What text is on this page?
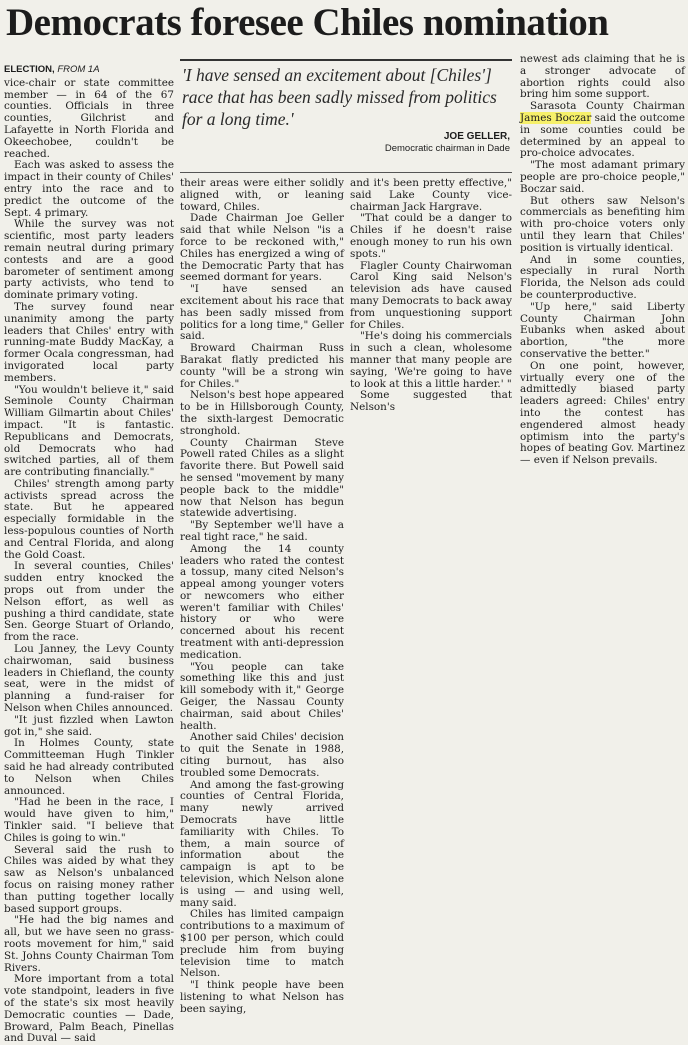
Democrats foresee Chiles nomination
'I have sensed an excitement about [Chiles'] race that has been sadly missed from politics for a long time.'
JOE GELLER,
Democratic chairman in Dade
ELECTION, FROM 1A

vice-chair or state committee member — in 64 of the 67 counties. Officials in three counties, Gilchrist and Lafayette in North Florida and Okeechobee, couldn't be reached.

Each was asked to assess the impact in their county of Chiles' entry into the race and to predict the outcome of the Sept. 4 primary.

While the survey was not scientific, most party leaders remain neutral during primary contests and are a good barometer of sentiment among party activists, who tend to dominate primary voting.

The survey found near unanimity among the party leaders that Chiles' entry with running-mate Buddy MacKay, a former Ocala congressman, had invigorated local party members.

"You wouldn't believe it," said Seminole County Chairman William Gilmartin about Chiles' impact. "It is fantastic. Republicans and Democrats, old Democrats who had switched parties, all of them are contributing financially."

Chiles' strength among party activists spread across the state. But he appeared especially formidable in the less-populous counties of North and Central Florida, and along the Gold Coast.

In several counties, Chiles' sudden entry knocked the props out from under the Nelson effort, as well as pushing a third candidate, state Sen. George Stuart of Orlando, from the race.

Lou Janney, the Levy County chairwoman, said business leaders in Chiefland, the county seat, were in the midst of planning a fund-raiser for Nelson when Chiles announced.

"It just fizzled when Lawton got in," she said.

In Holmes County, state Committeeman Hugh Tinkler said he had already contributed to Nelson when Chiles announced.

"Had he been in the race, I would have given to him," Tinkler said. "I believe that Chiles is going to win."

Several said the rush to Chiles was aided by what they saw as Nelson's unbalanced focus on raising money rather than putting together locally based support groups.

"He had the big names and all, but we have seen no grass-roots movement for him," said St. Johns County Chairman Tom Rivers.

More important from a total vote standpoint, leaders in five of the state's six most heavily Democratic counties — Dade, Broward, Palm Beach, Pinellas and Duval — said

their areas were either solidly aligned with, or leaning toward, Chiles.

Dade Chairman Joe Geller said that while Nelson "is a force to be reckoned with," Chiles has energized a wing of the Democratic Party that has seemed dormant for years.

"I have sensed an excitement about his race that has been sadly missed from politics for a long time," Geller said.

Broward Chairman Russ Barakat flatly predicted his county "will be a strong win for Chiles."

Nelson's best hope appeared to be in Hillsborough County, the sixth-largest Democratic stronghold.

County Chairman Steve Powell rated Chiles as a slight favorite there. But Powell said he sensed "movement by many people back to the middle" now that Nelson has begun statewide advertising.

"By September we'll have a real tight race," he said.

Among the 14 county leaders who rated the contest a tossup, many cited Nelson's appeal among younger voters or newcomers who either weren't familiar with Chiles' history or who were concerned about his recent treatment with anti-depression medication.

"You people can take something like this and just kill somebody with it," George Geiger, the Nassau County chairman, said about Chiles' health.

Another said Chiles' decision to quit the Senate in 1988, citing burnout, has also troubled some Democrats.

And among the fast-growing counties of Central Florida, many newly arrived Democrats have little familiarity with Chiles. To them, a main source of information about the campaign is apt to be television, which Nelson alone is using — and using well, many said.

Chiles has limited campaign contributions to a maximum of $100 per person, which could preclude him from buying television time to match Nelson.

"I think people have been listening to what Nelson has been saying,

and it's been pretty effective," said Lake County vice-chairman Jack Hargrave.

"That could be a danger to Chiles if he doesn't raise enough money to run his own spots."

Flagler County Chairwoman Carol King said Nelson's television ads have caused many Democrats to back away from unquestioning support for Chiles.

"He's doing his commercials in such a clean, wholesome manner that many people are saying, 'We're going to have to look at this a little harder.' "

Some suggested that Nelson's

newest ads claiming that he is a stronger advocate of abortion rights could also bring him some support.

Sarasota County Chairman James Boczar said the outcome in some counties could be determined by an appeal to pro-choice advocates.

"The most adamant primary people are pro-choice people," Boczar said.

But others saw Nelson's commercials as benefiting him with pro-choice voters only until they learn that Chiles' position is virtually identical.

And in some counties, especially in rural North Florida, the Nelson ads could be counterproductive.

"Up here," said Liberty County Chairman John Eubanks when asked about abortion, "the more conservative the better."

On one point, however, virtually every one of the admittedly biased party leaders agreed: Chiles' entry into the contest has engendered almost heady optimism into the party's hopes of beating Gov. Martinez — even if Nelson prevails.
